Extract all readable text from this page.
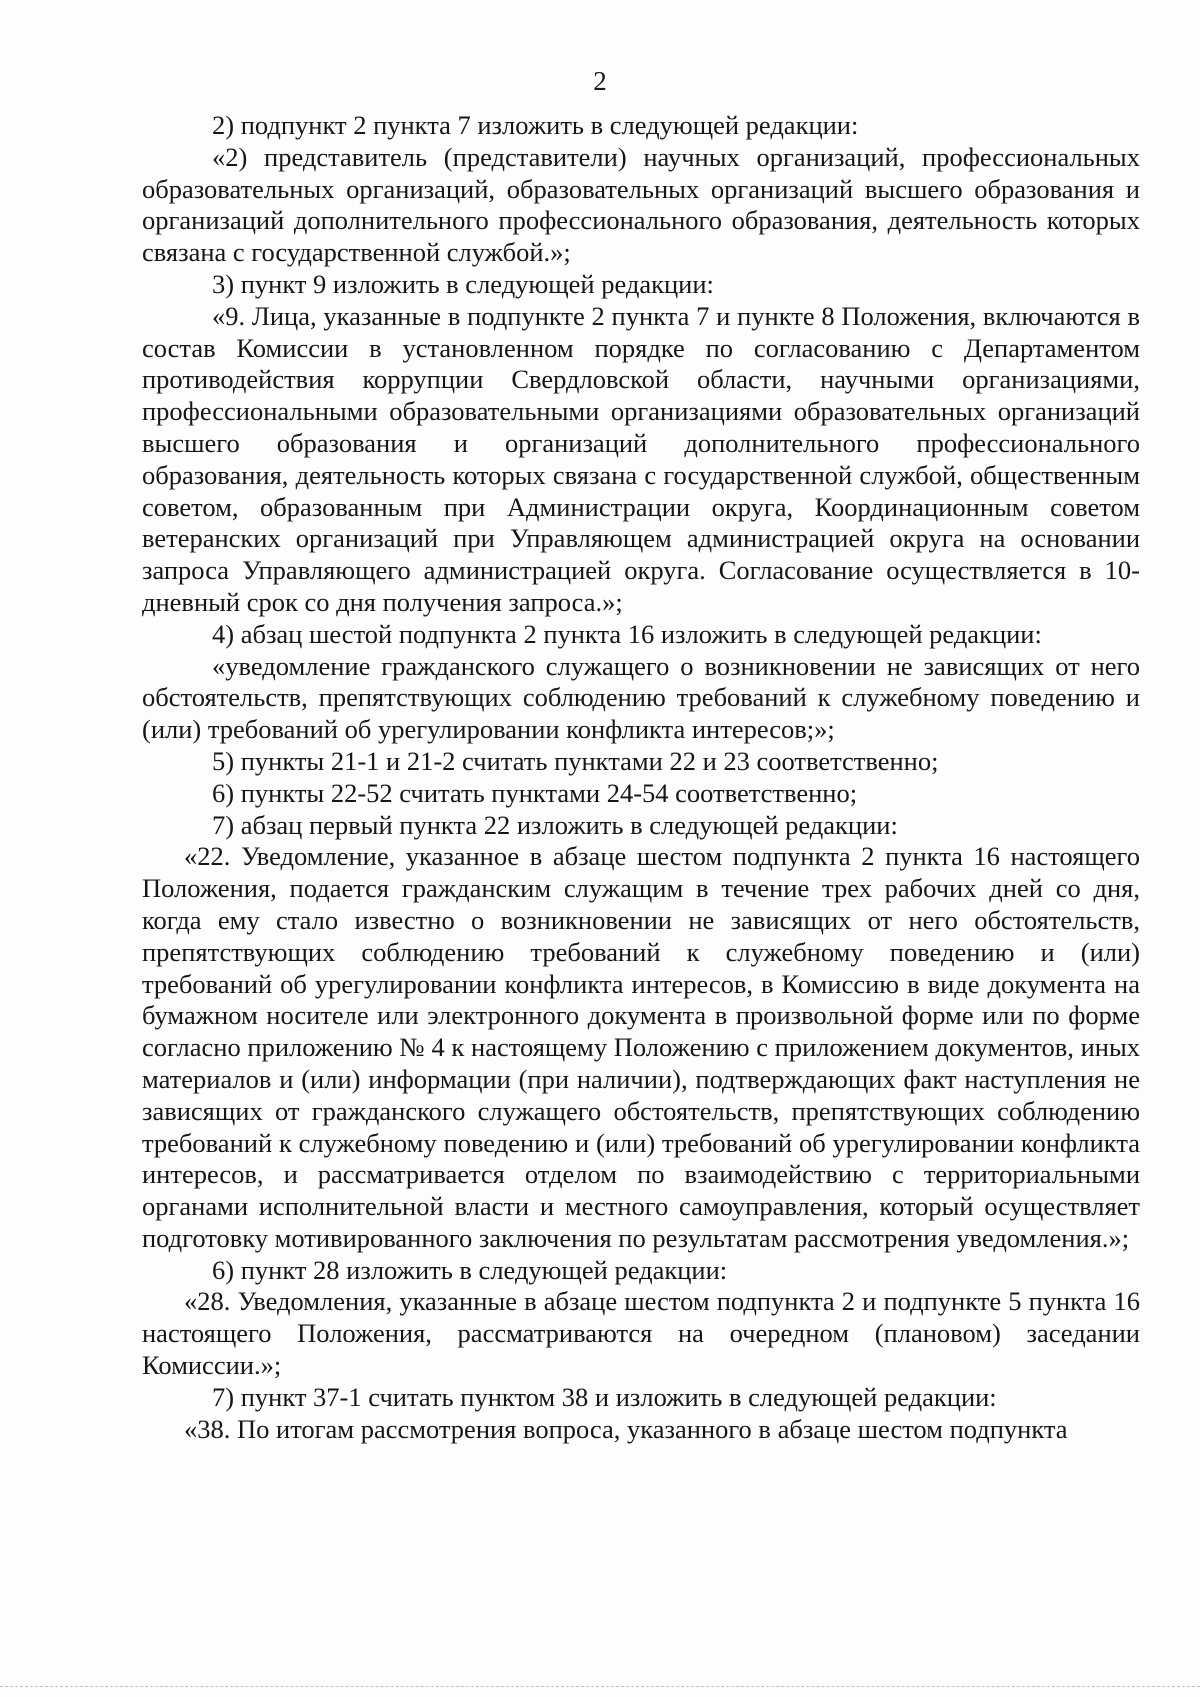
2

2) подпункт 2 пункта 7 изложить в следующей редакции:

«2) представитель (представители) научных организаций, профессиональных образовательных организаций, образовательных организаций высшего образования и организаций дополнительного профессионального образования, деятельность которых связана с государственной службой.»;

3) пункт 9 изложить в следующей редакции:

«9. Лица, указанные в подпункте 2 пункта 7 и пункте 8 Положения, включаются в состав Комиссии в установленном порядке по согласованию с Департаментом противодействия коррупции Свердловской области, научными организациями, профессиональными образовательными организациями образовательных организаций высшего образования и организаций дополнительного профессионального образования, деятельность которых связана с государственной службой, общественным советом, образованным при Администрации округа, Координационным советом ветеранских организаций при Управляющем администрацией округа на основании запроса Управляющего администрацией округа. Согласование осуществляется в 10-дневный срок со дня получения запроса.»;

4) абзац шестой подпункта 2 пункта 16 изложить в следующей редакции:

«уведомление гражданского служащего о возникновении не зависящих от него обстоятельств, препятствующих соблюдению требований к служебному поведению и (или) требований об урегулировании конфликта интересов;»;

5) пункты 21-1 и 21-2 считать пунктами 22 и 23 соответственно;

6) пункты 22-52 считать пунктами 24-54 соответственно;

7) абзац первый пункта 22 изложить в следующей редакции:

«22. Уведомление, указанное в абзаце шестом подпункта 2 пункта 16 настоящего Положения, подается гражданским служащим в течение трех рабочих дней со дня, когда ему стало известно о возникновении не зависящих от него обстоятельств, препятствующих соблюдению требований к служебному поведению и (или) требований об урегулировании конфликта интересов, в Комиссию в виде документа на бумажном носителе или электронного документа в произвольной форме или по форме согласно приложению № 4 к настоящему Положению с приложением документов, иных материалов и (или) информации (при наличии), подтверждающих факт наступления не зависящих от гражданского служащего обстоятельств, препятствующих соблюдению требований к служебному поведению и (или) требований об урегулировании конфликта интересов, и рассматривается отделом по взаимодействию с территориальными органами исполнительной власти и местного самоуправления, который осуществляет подготовку мотивированного заключения по результатам рассмотрения уведомления.»;

6) пункт 28 изложить в следующей редакции:

«28. Уведомления, указанные в абзаце шестом подпункта 2 и подпункте 5 пункта 16 настоящего Положения, рассматриваются на очередном (плановом) заседании Комиссии.»;

7) пункт 37-1 считать пунктом 38 и изложить в следующей редакции:

«38. По итогам рассмотрения вопроса, указанного в абзаце шестом подпункта
